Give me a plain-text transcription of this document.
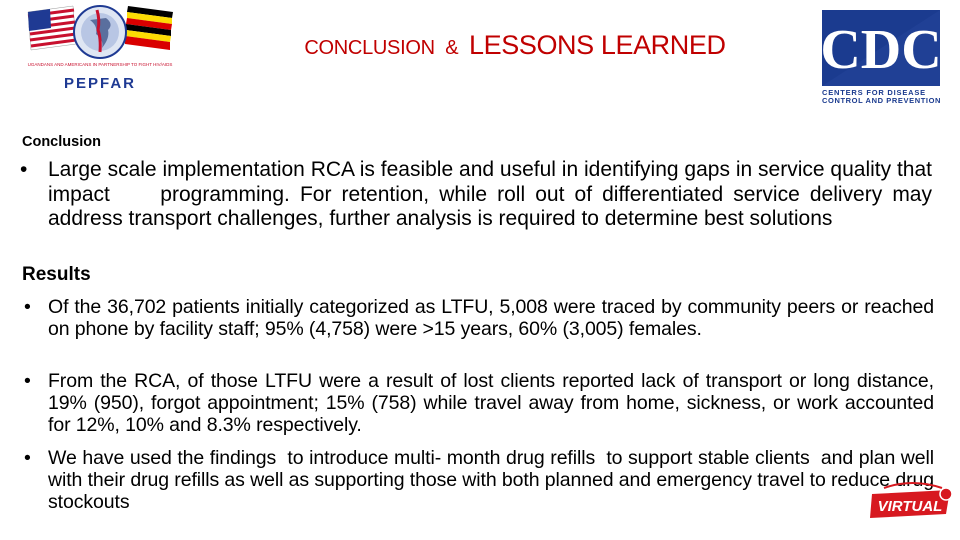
UGANDANS AND AMERICANS IN PARTNERSHIP TO FIGHT HIV/AIDS
PEPFAR
CONCLUSION & LESSONS LEARNED	CDC
CENTERS FOR DISEASE
CONTROL AND PREVENTION
Conclusion
• Large scale implementation RCA is feasible and useful in identifying gaps in service quality that impact     programming. For retention, while roll out of differentiated service delivery may address transport challenges, further analysis is required to determine best solutions
Results
• Of the 36,702 patients initially categorized as LTFU, 5,008 were traced by community peers or reached on phone by facility staff; 95% (4,758) were >15 years, 60% (3,005) females.
• From the RCA, of those LTFU were a result of lost clients reported lack of transport or long distance, 19% (950), forgot appointment; 15% (758) while travel away from home, sickness, or work accounted for 12%, 10% and 8.3% respectively.
• We have used the findings  to introduce multi- month drug refills  to support stable clients  and plan well with their drug refills as well as supporting those with both planned and emergency travel to reduce drug stockouts	VIRTUAL
